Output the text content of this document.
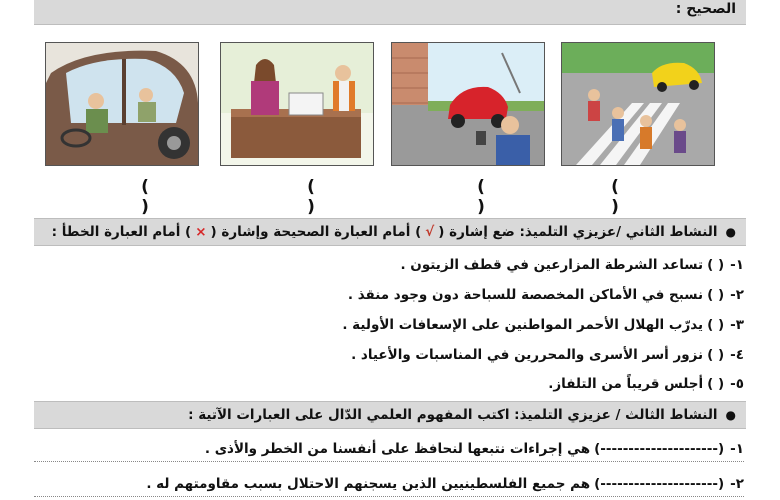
الصحيح :
( )
( )
( )
( )
●
النشاط الثاني /عزيزي التلميذ: ضع إشارة (
√
) أمام العبارة الصحيحة وإشارة (
×
) أمام العبارة الخطأ :
١-( )تساعد الشرطة المزارعين في قطف الزيتون .
٢-( )نسبح في الأماكن المخصصة للسباحة دون وجود منقذ .
٣-( )يدرّب الهلال الأحمر المواطنين على الإسعافات الأولية .
٤-( )نزور أسر الأسرى والمحررين في المناسبات والأعياد .
٥-( )أجلس قريباً من التلفاز.
●
النشاط الثالث / عزيزي التلميذ: اكتب المفهوم العلمي الدّال على العبارات الآتية :
١-(---------------------)هي إجراءات نتبعها لنحافظ على أنفسنا من الخطر والأذى .
٢-(---------------------)هم جميع الفلسطينيين الذين يسجنهم الاحتلال بسبب مقاومتهم له .
